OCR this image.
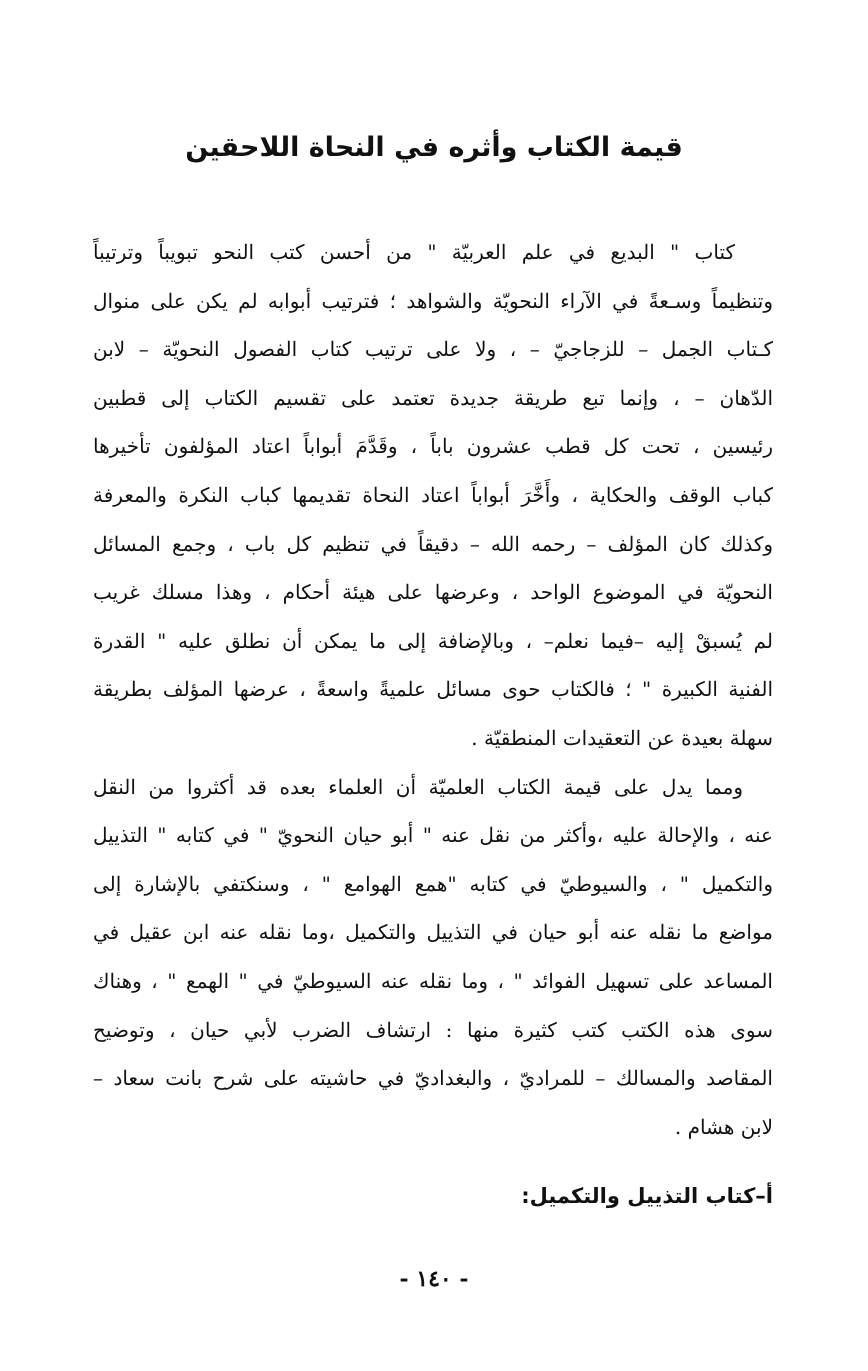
قيمة الكتاب وأثره في النحاة اللاحقين
كتاب " البديع في علم العربيّة " من أحسن كتب النحو تبويباً وترتيباً
وتنظيماً وسـعةً في الآراء النحويّة والشواهد ؛ فترتيب أبوابه لم يكن على منوال
كـتاب الجمل – للزجاجيّ – ، ولا على ترتيب كتاب الفصول النحويّة – لابن
الدّهان – ، وإنما تبع طريقة جديدة تعتمد على تقسيم الكتاب إلى قطبين
رئيسين ، تحت كل قطب عشرون باباً ، وقَدَّمَ أبواباً اعتاد المؤلفون تأخيرها
كباب الوقف والحكاية ، وأَخَّرَ أبواباً اعتاد النحاة تقديمها كباب النكرة والمعرفة
وكذلك كان المؤلف – رحمه الله – دقيقاً في تنظيم كل باب ، وجمع المسائل
النحويّة في الموضوع الواحد ، وعرضها على هيئة أحكام ، وهذا مسلك غريب
لم يُسبقْ إليه –فيما نعلم– ، وبالإضافة إلى ما يمكن أن نطلق عليه " القدرة
الفنية الكبيرة " ؛ فالكتاب حوى مسائل علميةً واسعةً ، عرضها المؤلف بطريقة
سهلة بعيدة عن التعقيدات المنطقيّة .
ومما يدل على قيمة الكتاب العلميّة أن العلماء بعده قد أكثروا من النقل
عنه ، والإحالة عليه ،وأكثر من نقل عنه " أبو حيان النحويّ " في كتابه " التذييل
والتكميل " ، والسيوطيّ في كتابه "همع الهوامع " ، وسنكتفي بالإشارة إلى
مواضع ما نقله عنه أبو حيان في التذييل والتكميل ،وما نقله عنه ابن عقيل في
المساعد على تسهيل الفوائد " ، وما نقله عنه السيوطيّ في " الهمع " ، وهناك
سوى هذه الكتب كتب كثيرة منها : ارتشاف الضرب لأبي حيان ، وتوضيح
المقاصد والمسالك – للمراديّ ، والبغداديّ في حاشيته على شرح بانت سعاد –
لابن هشام .
أ–كتاب التذييل والتكميل:
- ١٤٠ -
